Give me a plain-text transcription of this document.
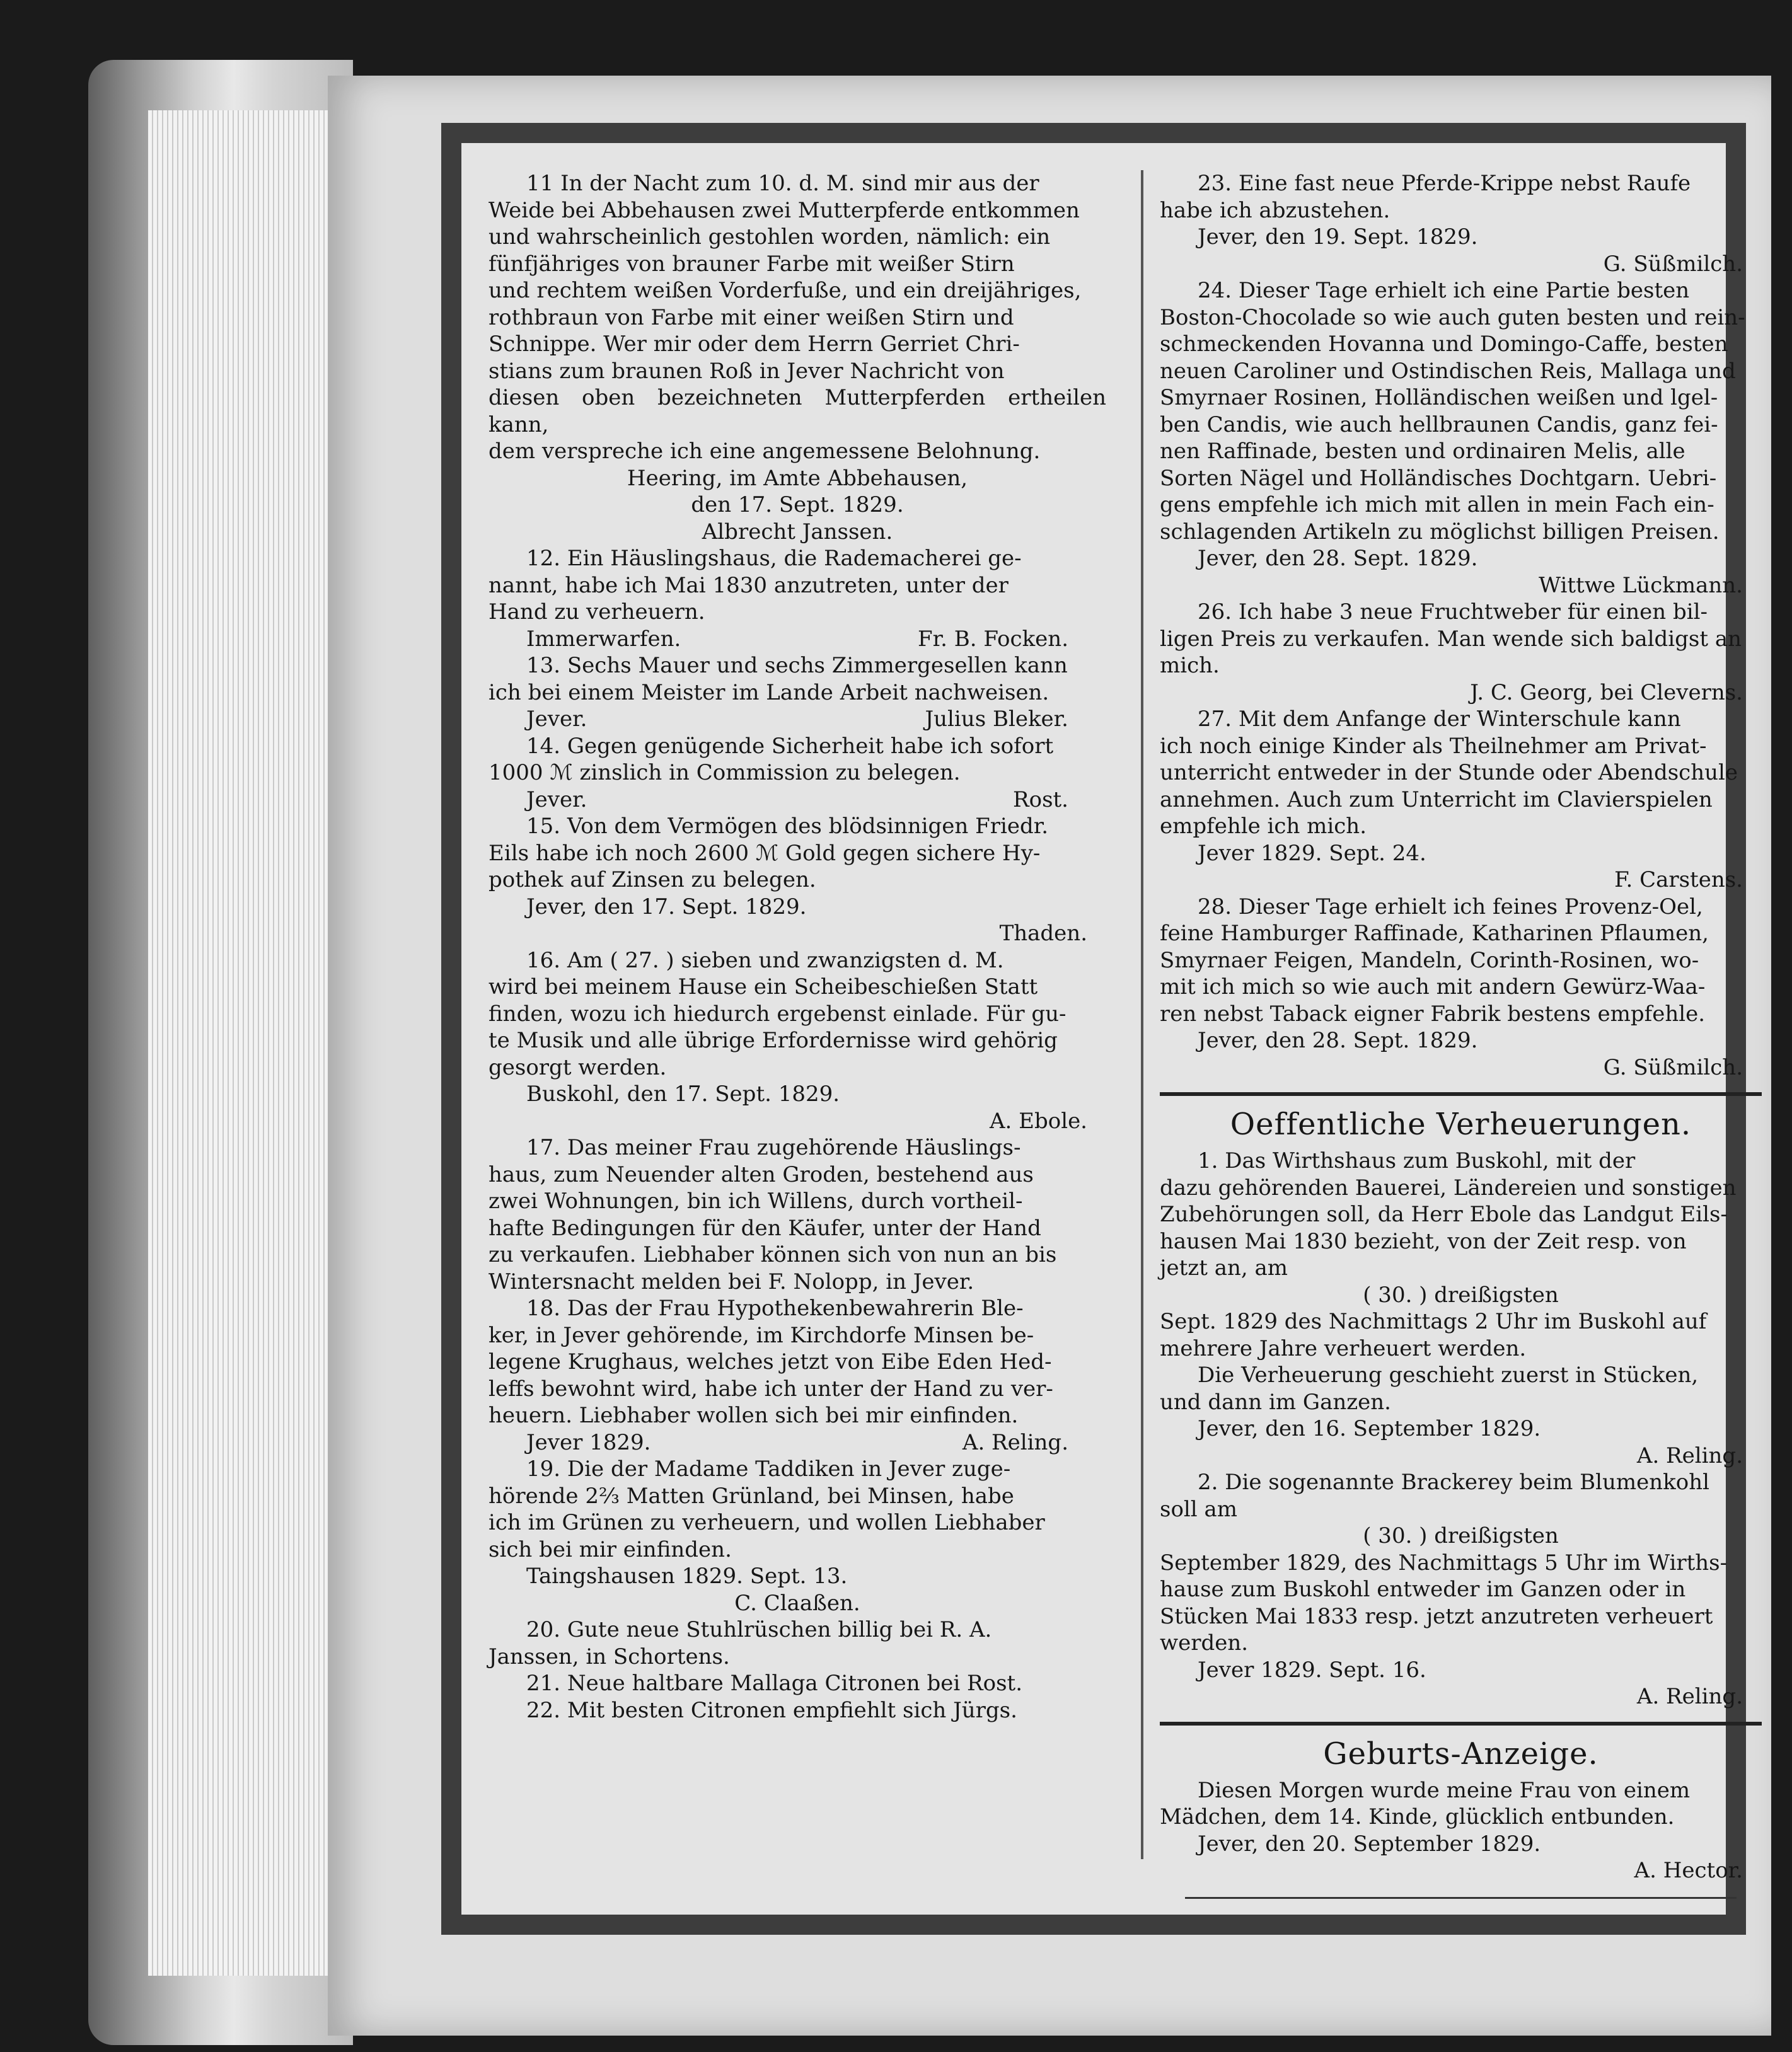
11 In der Nacht zum 10. d. M. sind mir aus der

Weide bei Abbehausen zwei Mutterpferde entkommen

und wahrscheinlich gestohlen worden, nämlich: ein

fünfjähriges von brauner Farbe mit weißer Stirn

und rechtem weißen Vorderfuße, und ein dreijähriges,

rothbraun von Farbe mit einer weißen Stirn und

Schnippe. Wer mir oder dem Herrn Gerriet Chri-

stians zum braunen Roß in Jever Nachricht von

diesen oben bezeichneten Mutterpferden ertheilen kann,

dem verspreche ich eine angemessene Belohnung.

Heering, im Amte Abbehausen,

den 17. Sept. 1829.

Albrecht Janssen.

12. Ein Häuslingshaus, die Rademacherei ge-

nannt, habe ich Mai 1830 anzutreten, unter der

Hand zu verheuern.

Immerwarfen.	Fr. B. Focken.

13. Sechs Mauer und sechs Zimmergesellen kann

ich bei einem Meister im Lande Arbeit nachweisen.

Jever.	Julius Bleker.

14. Gegen genügende Sicherheit habe ich sofort

1000 ℳ zinslich in Commission zu belegen.

Jever.	Rost.

15. Von dem Vermögen des blödsinnigen Friedr.

Eils habe ich noch 2600 ℳ Gold gegen sichere Hy-

pothek auf Zinsen zu belegen.

Jever, den 17. Sept. 1829.

Thaden.

16. Am ( 27. ) sieben und zwanzigsten d. M.

wird bei meinem Hause ein Scheibeschießen Statt

finden, wozu ich hiedurch ergebenst einlade. Für gu-

te Musik und alle übrige Erfordernisse wird gehörig

gesorgt werden.

Buskohl, den 17. Sept. 1829.

A. Ebole.

17. Das meiner Frau zugehörende Häuslings-

haus, zum Neuender alten Groden, bestehend aus

zwei Wohnungen, bin ich Willens, durch vortheil-

hafte Bedingungen für den Käufer, unter der Hand

zu verkaufen. Liebhaber können sich von nun an bis

Wintersnacht melden bei F. Nolopp, in Jever.

18. Das der Frau Hypothekenbewahrerin Ble-

ker, in Jever gehörende, im Kirchdorfe Minsen be-

legene Krughaus, welches jetzt von Eibe Eden Hed-

leffs bewohnt wird, habe ich unter der Hand zu ver-

heuern. Liebhaber wollen sich bei mir einfinden.

Jever 1829.	A. Reling.

19. Die der Madame Taddiken in Jever zuge-

hörende 2⅔ Matten Grünland, bei Minsen, habe

ich im Grünen zu verheuern, und wollen Liebhaber

sich bei mir einfinden.

Taingshausen 1829. Sept. 13.

C. Claaßen.

20. Gute neue Stuhlrüschen billig bei R. A.

Janssen, in Schortens.

21. Neue haltbare Mallaga Citronen bei Rost.

22. Mit besten Citronen empfiehlt sich Jürgs.

23. Eine fast neue Pferde-Krippe nebst Raufe

habe ich abzustehen.

Jever, den 19. Sept. 1829.

G. Süßmilch.

24. Dieser Tage erhielt ich eine Partie besten

Boston-Chocolade so wie auch guten besten und rein-

schmeckenden Hovanna und Domingo-Caffe, besten

neuen Caroliner und Ostindischen Reis, Mallaga und

Smyrnaer Rosinen, Holländischen weißen und lgel-

ben Candis, wie auch hellbraunen Candis, ganz fei-

nen Raffinade, besten und ordinairen Melis, alle

Sorten Nägel und Holländisches Dochtgarn. Uebri-

gens empfehle ich mich mit allen in mein Fach ein-

schlagenden Artikeln zu möglichst billigen Preisen.

Jever, den 28. Sept. 1829.

Wittwe Lückmann.

26. Ich habe 3 neue Fruchtweber für einen bil-

ligen Preis zu verkaufen. Man wende sich baldigst an

mich.

J. C. Georg, bei Cleverns.

27. Mit dem Anfange der Winterschule kann

ich noch einige Kinder als Theilnehmer am Privat-

unterricht entweder in der Stunde oder Abendschule

annehmen. Auch zum Unterricht im Clavierspielen

empfehle ich mich.

Jever 1829. Sept. 24.

F. Carstens.

28. Dieser Tage erhielt ich feines Provenz-Oel,

feine Hamburger Raffinade, Katharinen Pflaumen,

Smyrnaer Feigen, Mandeln, Corinth-Rosinen, wo-

mit ich mich so wie auch mit andern Gewürz-Waa-

ren nebst Taback eigner Fabrik bestens empfehle.

Jever, den 28. Sept. 1829.

G. Süßmilch.

Oeffentliche Verheuerungen.

1. Das Wirthshaus zum Buskohl, mit der

dazu gehörenden Bauerei, Ländereien und sonstigen

Zubehörungen soll, da Herr Ebole das Landgut Eils-

hausen Mai 1830 bezieht, von der Zeit resp. von

jetzt an, am

( 30. ) dreißigsten

Sept. 1829 des Nachmittags 2 Uhr im Buskohl auf

mehrere Jahre verheuert werden.

Die Verheuerung geschieht zuerst in Stücken,

und dann im Ganzen.

Jever, den 16. September 1829.

A. Reling.

2. Die sogenannte Brackerey beim Blumenkohl

soll am

( 30. ) dreißigsten

September 1829, des Nachmittags 5 Uhr im Wirths-

hause zum Buskohl entweder im Ganzen oder in

Stücken Mai 1833 resp. jetzt anzutreten verheuert

werden.

Jever 1829. Sept. 16.

A. Reling.

Geburts-Anzeige.

Diesen Morgen wurde meine Frau von einem

Mädchen, dem 14. Kinde, glücklich entbunden.

Jever, den 20. September 1829.

A. Hector.
